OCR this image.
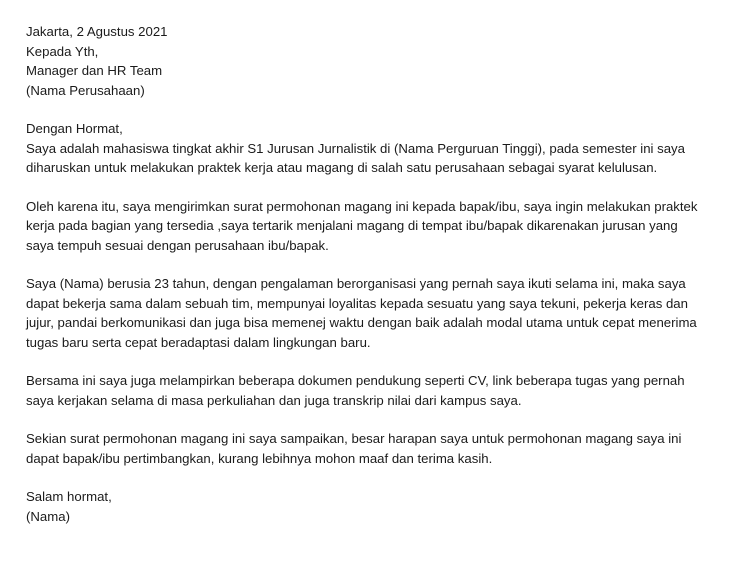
Jakarta, 2 Agustus 2021

Kepada Yth,

Manager dan HR Team

(Nama Perusahaan)

Dengan Hormat,

Saya adalah mahasiswa tingkat akhir S1 Jurusan Jurnalistik di (Nama Perguruan Tinggi), pada semester ini saya diharuskan untuk melakukan praktek kerja atau magang di salah satu perusahaan sebagai syarat kelulusan.

Oleh karena itu, saya mengirimkan surat permohonan magang ini kepada bapak/ibu, saya ingin melakukan praktek kerja pada bagian yang tersedia ,saya tertarik menjalani magang di tempat ibu/bapak dikarenakan jurusan yang saya tempuh sesuai dengan perusahaan ibu/bapak.

Saya (Nama) berusia 23 tahun, dengan pengalaman berorganisasi yang pernah saya ikuti selama ini, maka saya dapat bekerja sama dalam sebuah tim, mempunyai loyalitas kepada sesuatu yang saya tekuni, pekerja keras dan jujur, pandai berkomunikasi dan juga bisa memenej waktu dengan baik adalah modal utama untuk cepat menerima tugas baru serta cepat beradaptasi dalam lingkungan baru.

Bersama ini saya juga melampirkan beberapa dokumen pendukung seperti CV, link beberapa tugas yang pernah saya kerjakan selama di masa perkuliahan dan juga transkrip nilai dari kampus saya.

Sekian surat permohonan magang ini saya sampaikan, besar harapan saya untuk permohonan magang saya ini dapat bapak/ibu pertimbangkan, kurang lebihnya mohon maaf dan terima kasih.

Salam hormat,

(Nama)
